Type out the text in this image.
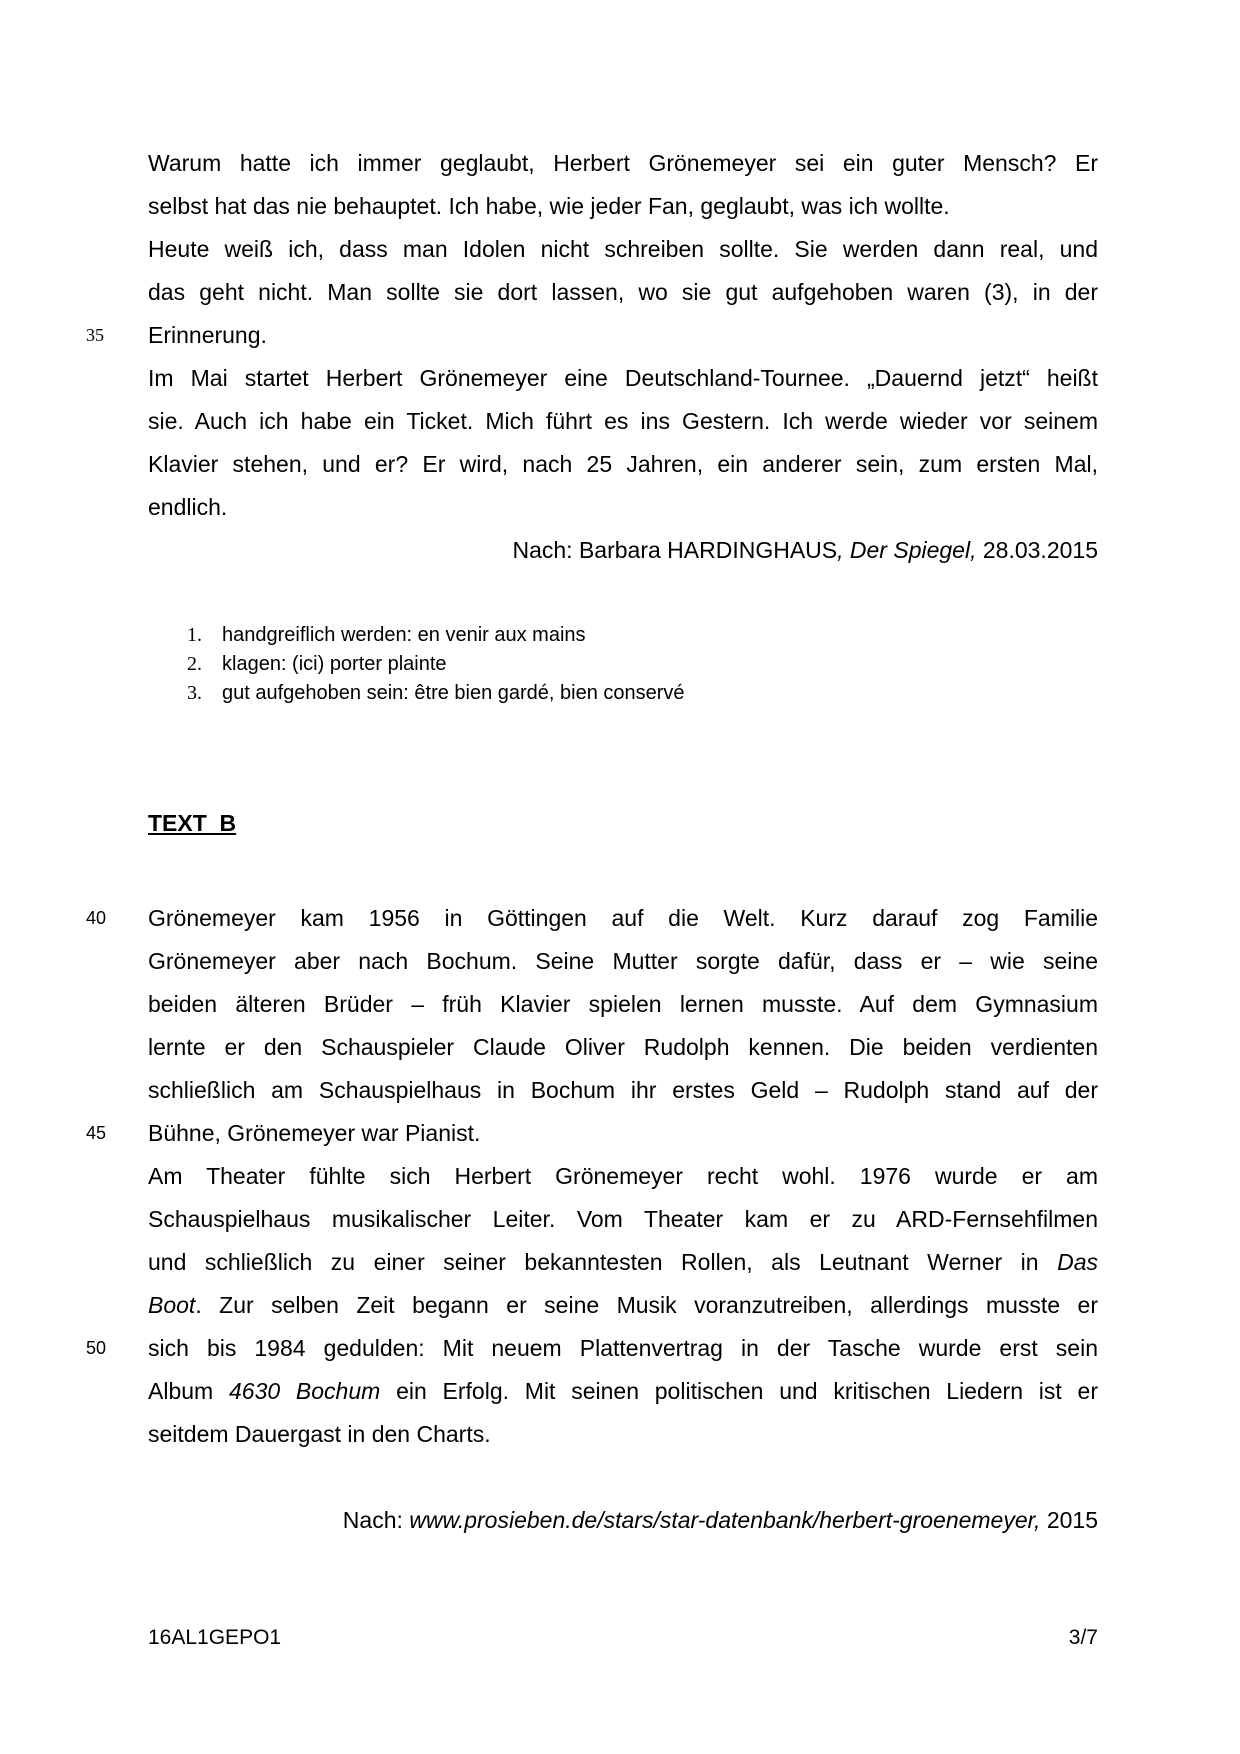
Warum hatte ich immer geglaubt, Herbert Grönemeyer sei ein guter Mensch? Er
selbst hat das nie behauptet. Ich habe, wie jeder Fan, geglaubt, was ich wollte.
Heute weiß ich, dass man Idolen nicht schreiben sollte. Sie werden dann real, und
das geht nicht. Man sollte sie dort lassen, wo sie gut aufgehoben waren (3), in der
35 Erinnerung.
Im Mai startet Herbert Grönemeyer eine Deutschland-Tournee. „Dauernd jetzt“ heißt
sie. Auch ich habe ein Ticket. Mich führt es ins Gestern. Ich werde wieder vor seinem
Klavier stehen, und er? Er wird, nach 25 Jahren, ein anderer sein, zum ersten Mal,
endlich.
Nach: Barbara HARDINGHAUS, Der Spiegel, 28.03.2015
1. handgreiflich werden: en venir aux mains
2. klagen: (ici) porter plainte
3. gut aufgehoben sein: être bien gardé, bien conservé
TEXT  B
40 Grönemeyer kam 1956 in Göttingen auf die Welt. Kurz darauf zog Familie
Grönemeyer aber nach Bochum. Seine Mutter sorgte dafür, dass er – wie seine
beiden älteren Brüder – früh Klavier spielen lernen musste. Auf dem Gymnasium
lernte er den Schauspieler Claude Oliver Rudolph kennen. Die beiden verdienten
schließlich am Schauspielhaus in Bochum ihr erstes Geld – Rudolph stand auf der
45 Bühne, Grönemeyer war Pianist.
Am Theater fühlte sich Herbert Grönemeyer recht wohl. 1976 wurde er am
Schauspielhaus musikalischer Leiter. Vom Theater kam er zu ARD-Fernsehfilmen
und schließlich zu einer seiner bekanntesten Rollen, als Leutnant Werner in Das
Boot. Zur selben Zeit begann er seine Musik voranzutreiben, allerdings musste er
50 sich bis 1984 gedulden: Mit neuem Plattenvertrag in der Tasche wurde erst sein
Album 4630 Bochum ein Erfolg. Mit seinen politischen und kritischen Liedern ist er
seitdem Dauergast in den Charts.
Nach: www.prosieben.de/stars/star-datenbank/herbert-groenemeyer, 2015
16AL1GEPO1	3/7
